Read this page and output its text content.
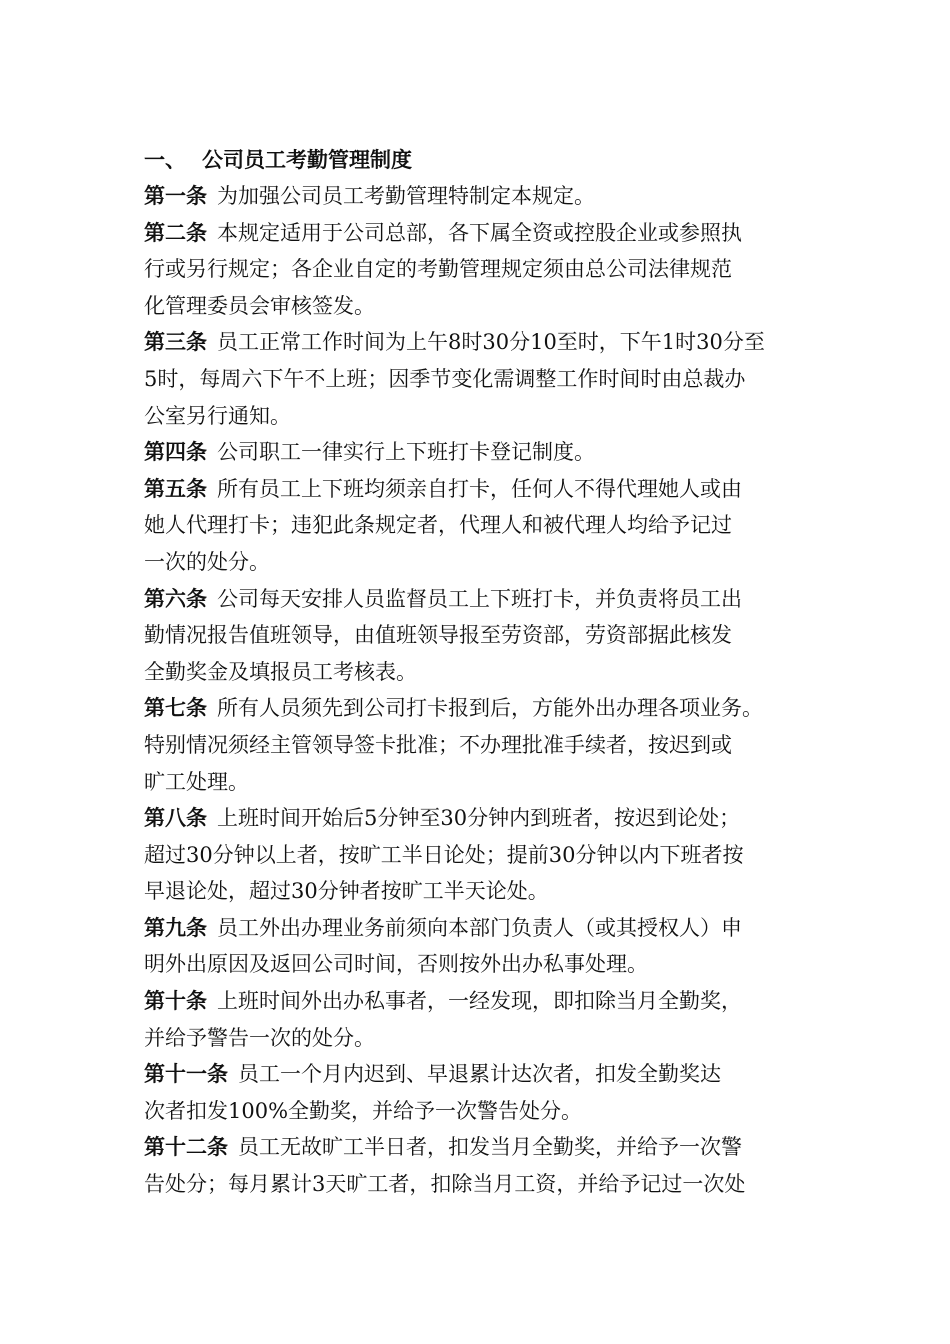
一、 公司员工考勤管理制度
第一条 为加强公司员工考勤管理特制定本规定。
第二条 本规定适用于公司总部，各下属全资或控股企业或参照执
行或另行规定；各企业自定的考勤管理规定须由总公司法律规范
化管理委员会审核签发。
第三条 员工正常工作时间为上午8时30分10至时，下午1时30分至
5时，每周六下午不上班；因季节变化需调整工作时间时由总裁办
公室另行通知。
第四条 公司职工一律实行上下班打卡登记制度。
第五条 所有员工上下班均须亲自打卡，任何人不得代理她人或由
她人代理打卡；违犯此条规定者，代理人和被代理人均给予记过
一次的处分。
第六条 公司每天安排人员监督员工上下班打卡，并负责将员工出
勤情况报告值班领导，由值班领导报至劳资部，劳资部据此核发
全勤奖金及填报员工考核表。
第七条 所有人员须先到公司打卡报到后，方能外出办理各项业务。
特别情况须经主管领导签卡批准；不办理批准手续者，按迟到或
旷工处理。
第八条 上班时间开始后5分钟至30分钟内到班者，按迟到论处；
超过30分钟以上者，按旷工半日论处；提前30分钟以内下班者按
早退论处，超过30分钟者按旷工半天论处。
第九条 员工外出办理业务前须向本部门负责人（或其授权人）申
明外出原因及返回公司时间，否则按外出办私事处理。
第十条 上班时间外出办私事者，一经发现，即扣除当月全勤奖，
并给予警告一次的处分。
第十一条 员工一个月内迟到、早退累计达次者，扣发全勤奖达
次者扣发100%全勤奖，并给予一次警告处分。
第十二条 员工无故旷工半日者，扣发当月全勤奖，并给予一次警
告处分；每月累计3天旷工者，扣除当月工资，并给予记过一次处
